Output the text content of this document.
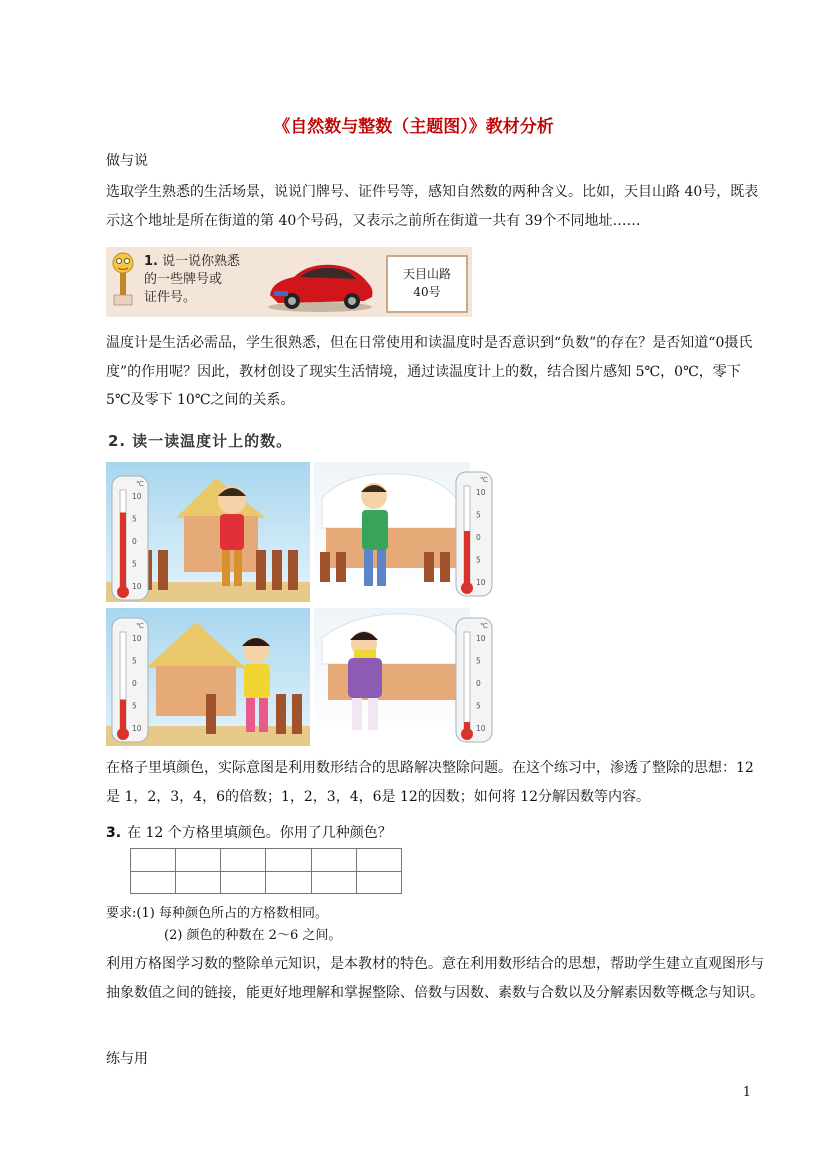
《自然数与整数（主题图）》教材分析
做与说
选取学生熟悉的生活场景，说说门牌号、证件号等，感知自然数的两种含义。比如，天目山路 40号，既表示这个地址是所在街道的第 40个号码，又表示之前所在街道一共有 39个不同地址……
1. 说一说你熟悉
的一些牌号或
证件号。
天目山路
40号
温度计是生活必需品，学生很熟悉，但在日常使用和读温度时是否意识到“负数”的存在？是否知道“0摄氏度”的作用呢？因此，教材创设了现实生活情境，通过读温度计上的数，结合图片感知 5℃，0℃，零下 5℃及零下 10℃之间的关系。
2. 读一读温度计上的数。
℃
10
5
0
5
10
℃
10
5
0
5
10
℃
10
5
0
5
10
℃
10
5
0
5
10
在格子里填颜色，实际意图是利用数形结合的思路解决整除问题。在这个练习中，渗透了整除的思想：12是 1，2，3，4，6的倍数；1，2，3，4，6是 12的因数；如何将 12分解因数等内容。
3. 在 12 个方格里填颜色。你用了几种颜色？

要求:(1) 每种颜色所占的方格数相同。
(2) 颜色的种数在 2～6 之间。
利用方格图学习数的整除单元知识，是本教材的特色。意在利用数形结合的思想，帮助学生建立直观图形与抽象数值之间的链接，能更好地理解和掌握整除、倍数与因数、素数与合数以及分解素因数等概念与知识。
练与用
1
